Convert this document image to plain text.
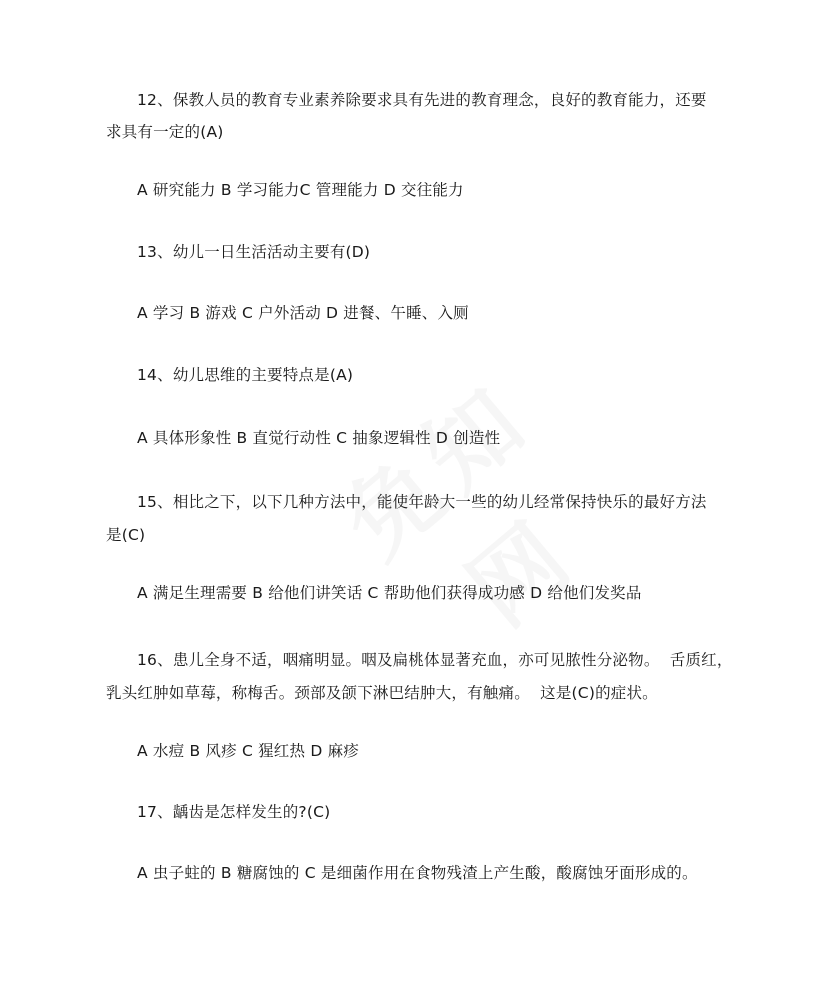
12、保教人员的教育专业素养除要求具有先进的教育理念，良好的教育能力，还要
求具有一定的(A)
A 研究能力 B 学习能力C 管理能力 D 交往能力
13、幼儿一日生活活动主要有(D)
A 学习 B 游戏 C 户外活动 D 进餐、午睡、入厕
14、幼儿思维的主要特点是(A)
A 具体形象性 B 直觉行动性 C 抽象逻辑性 D 创造性
15、相比之下，以下几种方法中，能使年龄大一些的幼儿经常保持快乐的最好方法
是(C)
A 满足生理需要 B 给他们讲笑话 C 帮助他们获得成功感 D 给他们发奖品
16、患儿全身不适，咽痛明显。咽及扁桃体显著充血，亦可见脓性分泌物。  舌质红，
乳头红肿如草莓，称梅舌。颈部及颌下淋巴结肿大，有触痛。  这是(C)的症状。
A 水痘 B 风疹 C 猩红热 D 麻疹
17、龋齿是怎样发生的?(C)
A 虫子蛀的 B 糖腐蚀的 C 是细菌作用在食物残渣上产生酸，酸腐蚀牙面形成的。
